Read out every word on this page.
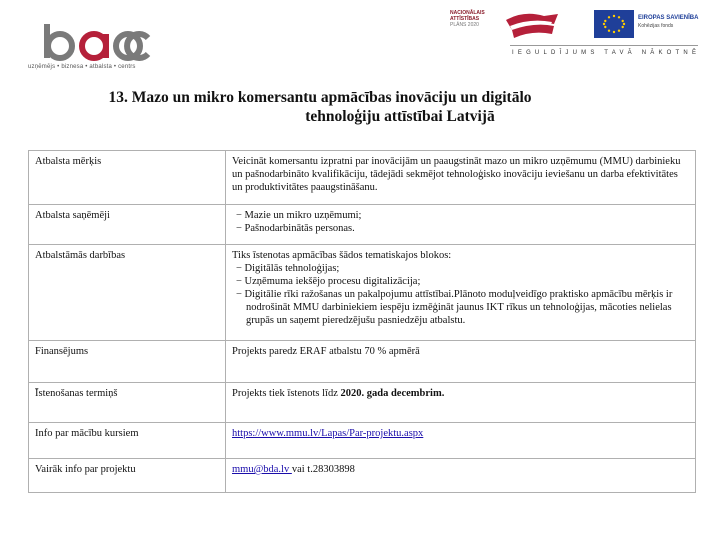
uzņēmējs • biznesa • atbalsta • centrs
NACIONĀLAIS
ATTĪSTĪBAS
PLĀNS 2020
EIROPAS SAVIENĪBA
Kohēzijas fonds
IEGULDĪJUMS TAVĀ NĀKOTNĒ
13. Mazo un mikro komersantu apmācības inovāciju un digitālo
tehnoloģiju attīstībai Latvijā
Atbalsta mērķis	Veicināt komersantu izpratni par inovācijām un paaugstināt mazo un mikro uzņēmumu (MMU) darbinieku un pašnodarbināto kvalifikāciju, tādejādi sekmējot tehnoloģisko inovāciju ieviešanu un darba efektivitātes un produktivitātes paaugstināšanu.
Atbalsta saņēmēji	− Mazie un mikro uzņēmumi;
− Pašnodarbinātās personas.

Atbalstāmās darbības	Tiks īstenotas apmācības šādos tematiskajos blokos:
− Digitālās tehnoloģijas;
− Uzņēmuma iekšējo procesu digitalizācija;
− Digitālie rīki ražošanas un pakalpojumu attīstībai.Plānoto moduļveidīgo praktisko apmācību mērķis ir nodrošināt MMU darbiniekiem iespēju izmēģināt jaunus IKT rīkus un tehnoloģijas, mācoties nelielas grupās un saņemt pieredzējušu pasniedzēju atbalstu.

Finansējums	Projekts paredz ERAF atbalstu 70 % apmērā
Īstenošanas termiņš	Projekts tiek īstenots līdz 2020. gada decembrim.
Info par mācību kursiem	https://www.mmu.lv/Lapas/Par-projektu.aspx
Vairāk info par projektu	mmu@bda.lv vai t.28303898
